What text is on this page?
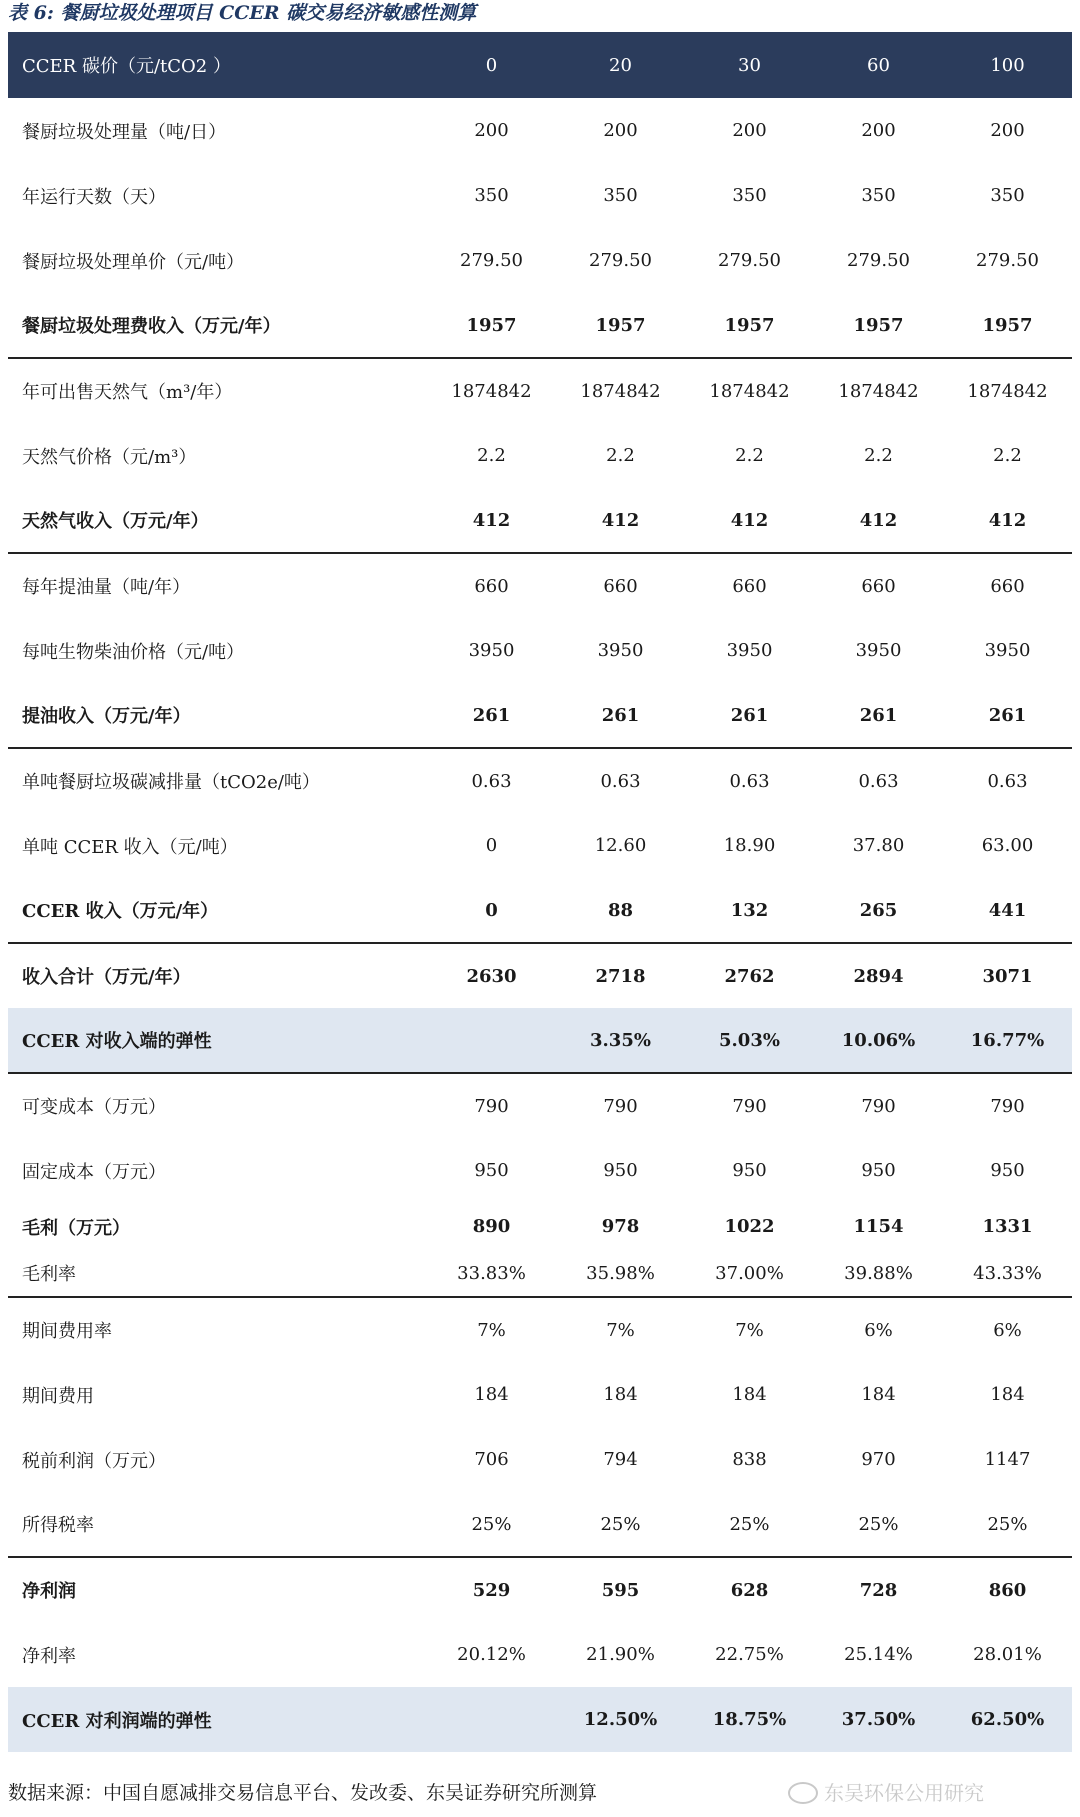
表 6: 餐厨垃圾处理项目 CCER 碳交易经济敏感性测算
CCER 碳价（元/tCO2 ）	0	20	30	60	100
餐厨垃圾处理量（吨/日）	200	200	200	200	200
年运行天数（天）	350	350	350	350	350
餐厨垃圾处理单价（元/吨）	279.50	279.50	279.50	279.50	279.50
餐厨垃圾处理费收入（万元/年）	1957	1957	1957	1957	1957
年可出售天然气（m³/年）	1874842	1874842	1874842	1874842	1874842
天然气价格（元/m³）	2.2	2.2	2.2	2.2	2.2
天然气收入（万元/年）	412	412	412	412	412
每年提油量（吨/年）	660	660	660	660	660
每吨生物柴油价格（元/吨）	3950	3950	3950	3950	3950
提油收入（万元/年）	261	261	261	261	261
单吨餐厨垃圾碳减排量（tCO2e/吨）	0.63	0.63	0.63	0.63	0.63
单吨 CCER 收入（元/吨）	0	12.60	18.90	37.80	63.00
CCER 收入（万元/年）	0	88	132	265	441
收入合计（万元/年）	2630	2718	2762	2894	3071
CCER 对收入端的弹性		3.35%	5.03%	10.06%	16.77%
可变成本（万元）	790	790	790	790	790
固定成本（万元）	950	950	950	950	950
毛利（万元）	890	978	1022	1154	1331
毛利率	33.83%	35.98%	37.00%	39.88%	43.33%
期间费用率	7%	7%	7%	6%	6%
期间费用	184	184	184	184	184
税前利润（万元）	706	794	838	970	1147
所得税率	25%	25%	25%	25%	25%
净利润	529	595	628	728	860
净利率	20.12%	21.90%	22.75%	25.14%	28.01%
CCER 对利润端的弹性		12.50%	18.75%	37.50%	62.50%
数据来源：中国自愿减排交易信息平台、发改委、东吴证券研究所测算	东吴环保公用研究
